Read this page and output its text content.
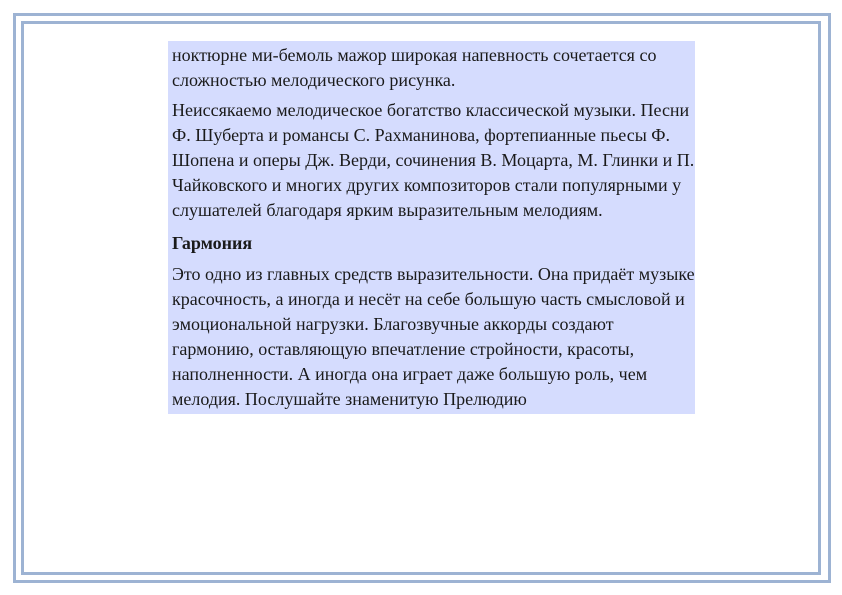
ноктюрне ми-бемоль мажор широкая напевность сочетается со сложностью мелодического рисунка.

Неиссякаемо мелодическое богатство классической музыки. Песни Ф. Шуберта и романсы С. Рахманинова, фортепианные пьесы Ф. Шопена и оперы Дж. Верди, сочинения В. Моцарта, М. Глинки и П. Чайковского и многих других композиторов стали популярными у слушателей благодаря ярким выразительным мелодиям.

Гармония

Это одно из главных средств выразительности. Она придаёт музыке красочность, а иногда и несёт на себе большую часть смысловой и эмоциональной нагрузки. Благозвучные аккорды создают гармонию, оставляющую впечатление стройности, красоты, наполненности. А иногда она играет даже большую роль, чем мелодия. Послушайте знаменитую Прелюдию
